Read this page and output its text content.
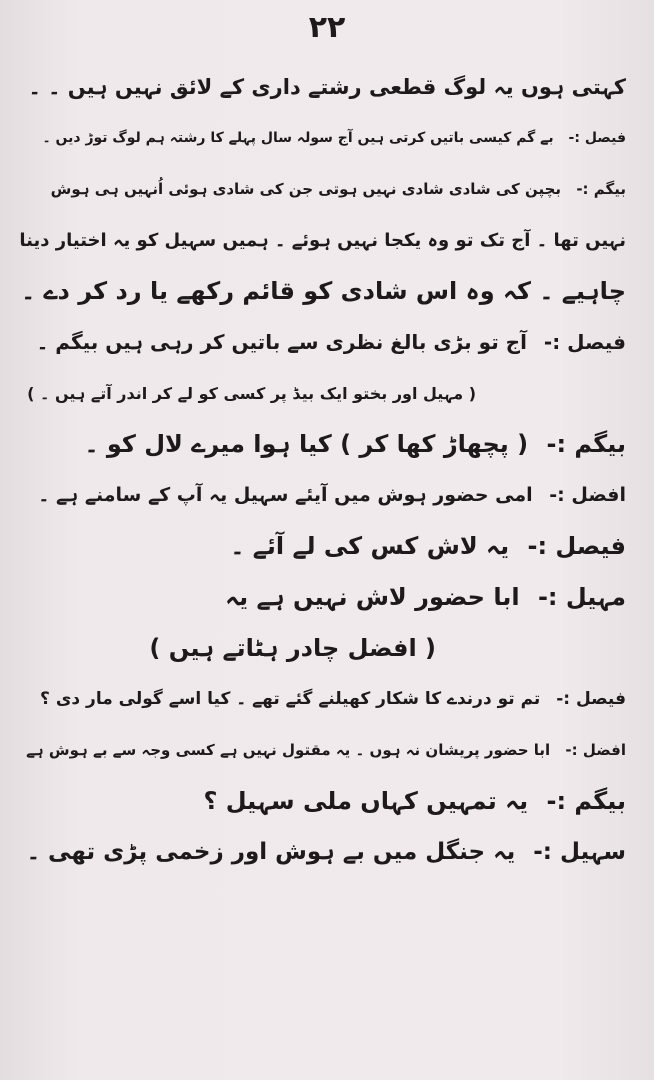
۲۲
کہتی ہوں یہ لوگ قطعی رشتے داری کے لائق نہیں ہیں ۔ ۔
فیصل :- بے گم کیسی باتیں کرتی ہیں آج سولہ سال پہلے کا رشتہ ہم لوگ توڑ دیں ۔
بیگم :- بچپن کی شادی شادی نہیں ہوتی جن کی شادی ہوئی اُنہیں ہی ہوش
نہیں تھا ۔ آج تک تو وہ یکجا نہیں ہوئے ۔ ہمیں سہیل کو یہ اختیار دینا
چاہیے ۔ کہ وہ اس شادی کو قائم رکھے یا رد کر دے ۔
فیصل :- آج تو بڑی بالغ نظری سے باتیں کر رہی ہیں بیگم ۔
( مہیل اور بختو ایک بیڈ پر کسی کو لے کر اندر آتے ہیں ۔ )
بیگم :- ( پچھاڑ کھا کر ) کیا ہوا میرے لال کو ۔
افضل :- امی حضور ہوش میں آیئے سہیل یہ آپ کے سامنے ہے ۔
فیصل :- یہ لاش کس کی لے آئے ۔
مہیل :- ابا حضور لاش نہیں ہے یہ
( افضل چادر ہٹاتے ہیں )
فیصل :- تم تو درندے کا شکار کھیلنے گئے تھے ۔ کیا اسے گولی مار دی ؟
افضل :- ابا حضور پریشان نہ ہوں ۔ یہ مقتول نہیں ہے کسی وجہ سے بے ہوش ہے
بیگم :- یہ تمہیں کہاں ملی سہیل ؟
سہیل :- یہ جنگل میں بے ہوش اور زخمی پڑی تھی ۔
